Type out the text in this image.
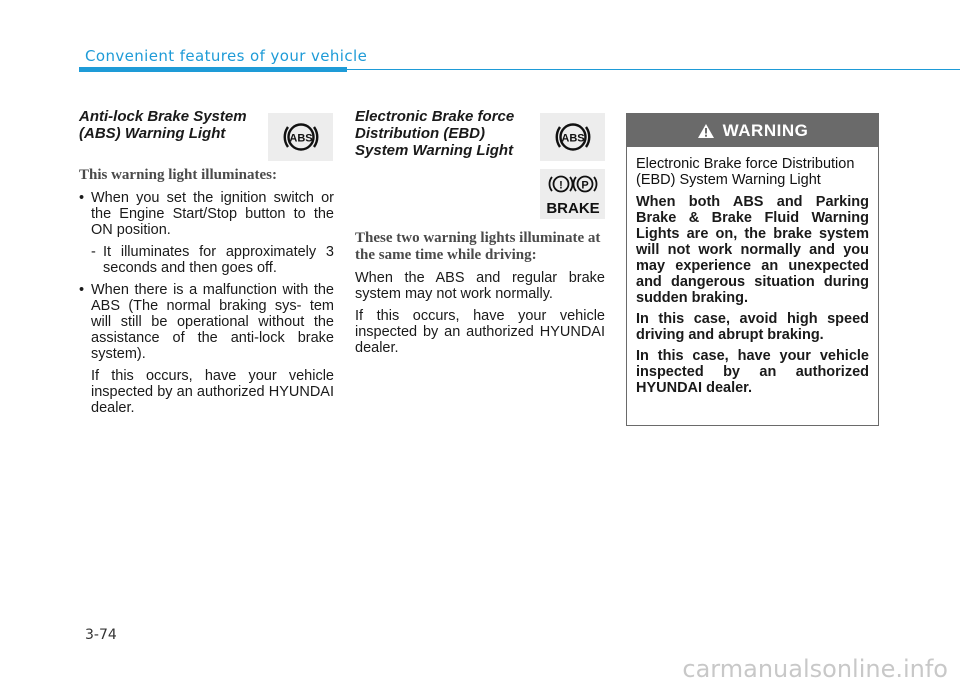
Convenient features of your vehicle
Anti-lock Brake System (ABS) Warning Light

This warning light illuminates:

• When you set the ignition switch or the Engine Start/Stop button to the ON position.
- It illuminates for approximately 3 seconds and then goes off.
• When there is a malfunction with the ABS (The normal braking sys- tem will still be operational without the assistance of the anti-lock brake system).
If this occurs, have your vehicle inspected by an authorized HYUNDAI dealer.
ABS
Electronic Brake force Distribution (EBD) System Warning Light

These two warning lights illuminate at the same time while driving:

When the ABS and regular brake system may not work normally.

If this occurs, have your vehicle inspected by an authorized HYUNDAI dealer.

ABS
! P
BRAKE
WARNING

Electronic Brake force Distribution (EBD) System Warning Light

When both ABS and Parking Brake & Brake Fluid Warning Lights are on, the brake system will not work normally and you may experience an unexpected and dangerous situation during sudden braking.

In this case, avoid high speed driving and abrupt braking.

In this case, have your vehicle inspected by an authorized HYUNDAI dealer.

3-74
carmanualsonline.info
